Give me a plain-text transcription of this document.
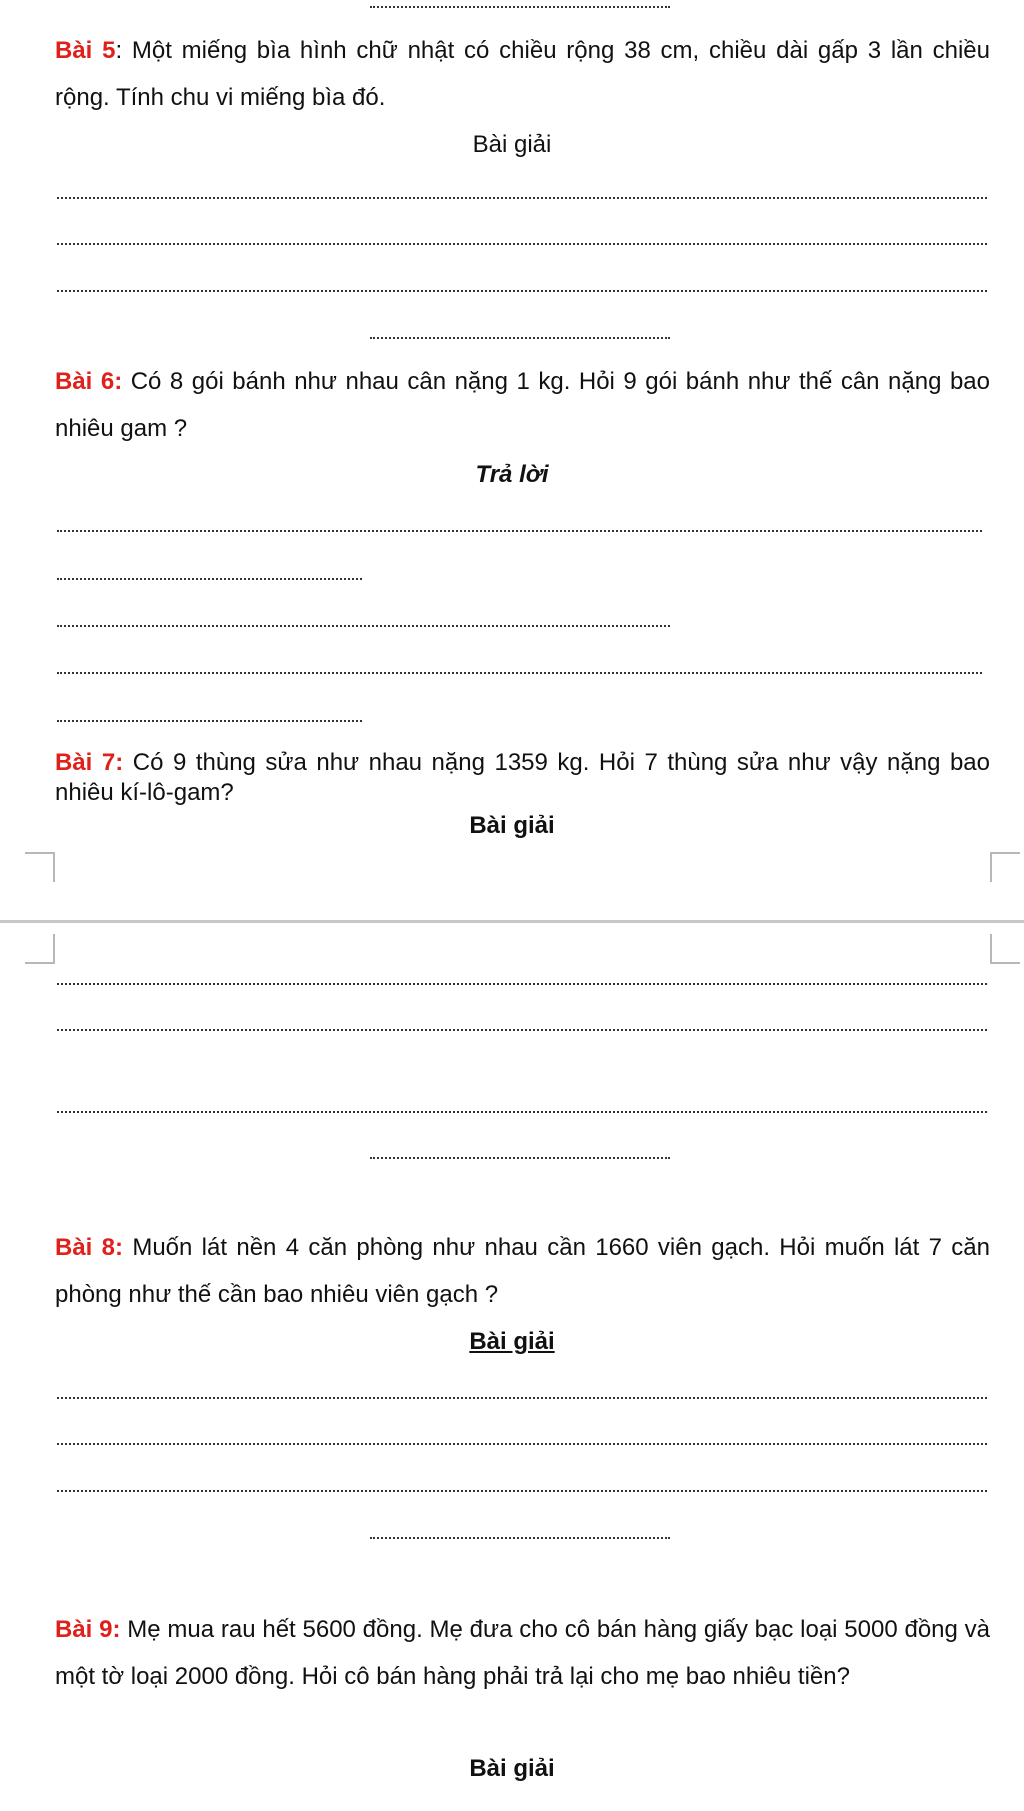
Bài 5: Một miếng bìa hình chữ nhật có chiều rộng 38 cm, chiều dài gấp 3 lần chiều rộng. Tính chu vi miếng bìa đó.

Bài giải

Bài 6: Có 8 gói bánh như nhau cân nặng 1 kg. Hỏi 9 gói bánh như thế cân nặng bao nhiêu gam ?

Trả lời

Bài 7: Có 9 thùng sửa như nhau nặng 1359 kg. Hỏi 7 thùng sửa như vậy nặng bao nhiêu kí-lô-gam?

Bài giải

Bài 8: Muốn lát nền 4 căn phòng như nhau cần 1660 viên gạch. Hỏi muốn lát 7 căn phòng như thế cần bao nhiêu viên gạch ?

Bài giải

Bài 9: Mẹ mua rau hết 5600 đồng. Mẹ đưa cho cô bán hàng giấy bạc loại 5000 đồng và một tờ loại 2000 đồng. Hỏi cô bán hàng phải trả lại cho mẹ bao nhiêu tiền?

Bài giải
